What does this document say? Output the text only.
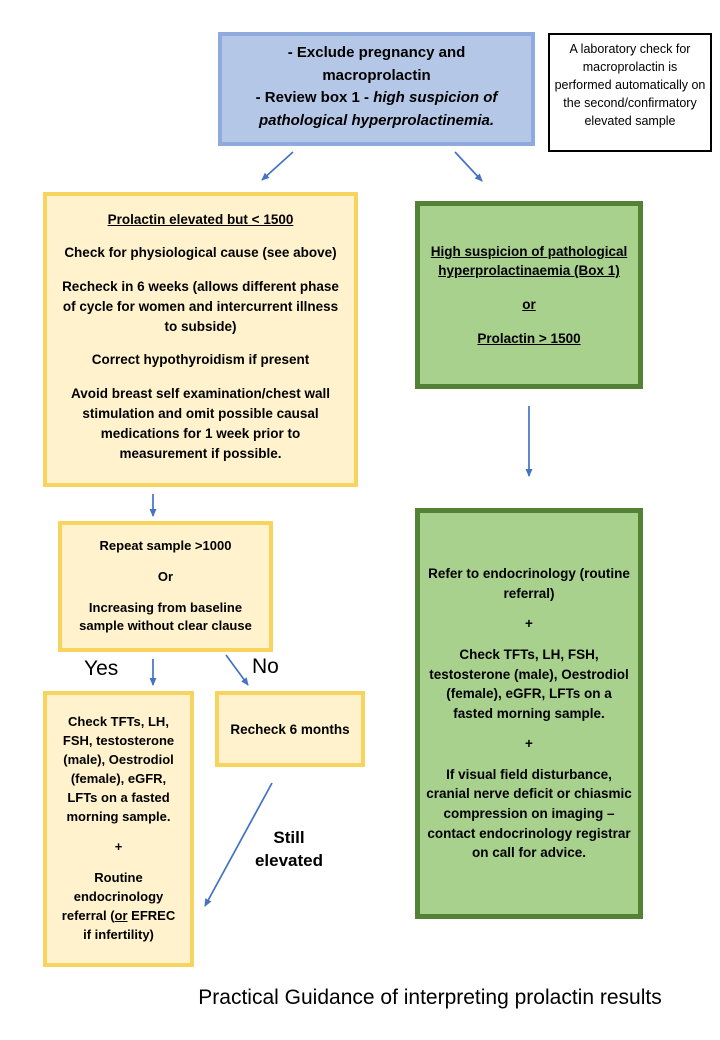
- Exclude pregnancy and
macroprolactin
- Review box 1 - high suspicion of
pathological hyperprolactinemia.
A laboratory check for macroprolactin is performed automatically on the second/confirmatory elevated sample

Prolactin elevated but < 1500

Check for physiological cause (see above)

Recheck in 6 weeks (allows different phase of cycle for women and intercurrent illness to subside)

Correct hypothyroidism if present

Avoid breast self examination/chest wall stimulation and omit possible causal medications for 1 week prior to measurement if possible.

High suspicion of pathological hyperprolactinaemia (Box 1)

or

Prolactin > 1500

Repeat sample >1000

Or

Increasing from baseline sample without clear clause

Yes	No

Check TFTs, LH, FSH, testosterone (male), Oestrodiol (female), eGFR, LFTs on a fasted morning sample.

+

Routine endocrinology referral (or EFREC if infertility)

Recheck 6 months
Still elevated

Refer to endocrinology (routine referral)

+

Check TFTs, LH, FSH, testosterone (male), Oestrodiol (female), eGFR, LFTs on a fasted morning sample.

+

If visual field disturbance, cranial nerve deficit or chiasmic compression on imaging – contact endocrinology registrar on call for advice.

Practical Guidance of interpreting prolactin results
